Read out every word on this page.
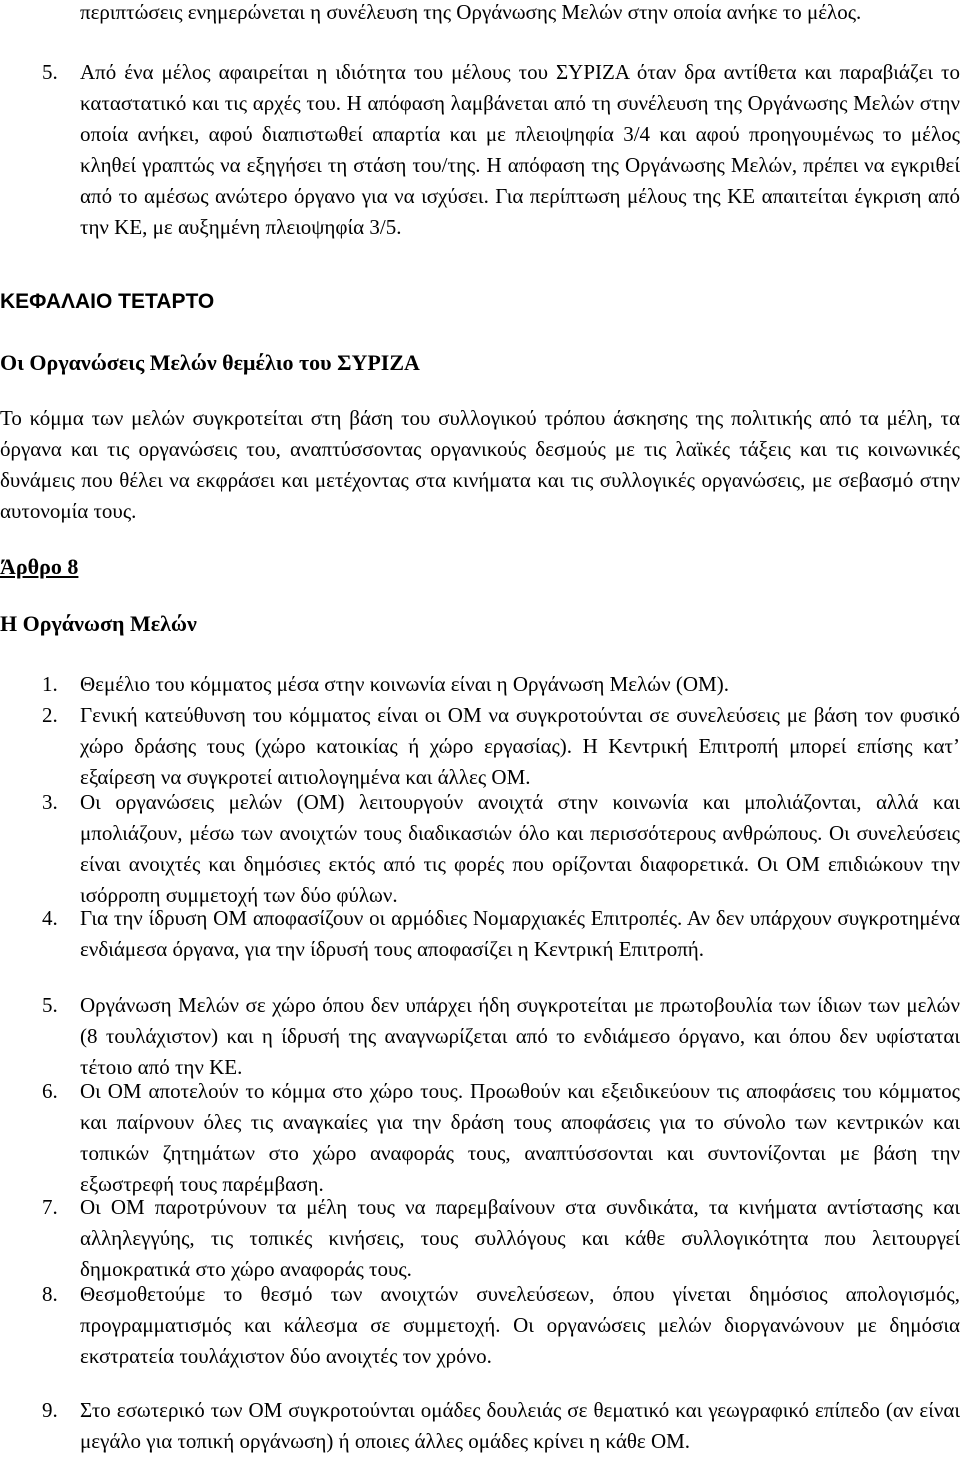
περιπτώσεις ενημερώνεται η συνέλευση της Οργάνωσης Μελών στην οποία ανήκε το μέλος.
5. Από ένα μέλος αφαιρείται η ιδιότητα του μέλους του ΣΥΡΙΖΑ όταν δρα αντίθετα και παραβιάζει το καταστατικό και τις αρχές του. Η απόφαση λαμβάνεται από τη συνέλευση της Οργάνωσης Μελών στην οποία ανήκει, αφού διαπιστωθεί απαρτία και με πλειοψηφία 3/4 και αφού προηγουμένως το μέλος κληθεί γραπτώς να εξηγήσει τη στάση του/της. Η απόφαση της Οργάνωσης Μελών, πρέπει να εγκριθεί από το αμέσως ανώτερο όργανο για να ισχύσει. Για περίπτωση μέλους της ΚΕ απαιτείται έγκριση από την ΚΕ, με αυξημένη πλειοψηφία 3/5.
ΚΕΦΑΛΑΙΟ ΤΕΤΑΡΤΟ
Οι Οργανώσεις Μελών θεμέλιο του ΣΥΡΙΖΑ
Το κόμμα των μελών συγκροτείται στη βάση του συλλογικού τρόπου άσκησης της πολιτικής από τα μέλη, τα όργανα και τις οργανώσεις του, αναπτύσσοντας οργανικούς δεσμούς με τις λαϊκές τάξεις και τις κοινωνικές δυνάμεις που θέλει να εκφράσει και μετέχοντας στα κινήματα και τις συλλογικές οργανώσεις, με σεβασμό στην αυτονομία τους.
Άρθρο 8
Η Οργάνωση Μελών
1. Θεμέλιο του κόμματος μέσα στην κοινωνία είναι η Οργάνωση Μελών (ΟΜ).
2. Γενική κατεύθυνση του κόμματος είναι οι ΟΜ να συγκροτούνται σε συνελεύσεις με βάση τον φυσικό χώρο δράσης τους (χώρο κατοικίας ή χώρο εργασίας). Η Κεντρική Επιτροπή μπορεί επίσης κατ’ εξαίρεση να συγκροτεί αιτιολογημένα και άλλες ΟΜ.
3. Οι οργανώσεις μελών (ΟΜ) λειτουργούν ανοιχτά στην κοινωνία και μπολιάζονται, αλλά και μπολιάζουν, μέσω των ανοιχτών τους διαδικασιών όλο και περισσότερους ανθρώπους. Οι συνελεύσεις είναι ανοιχτές και δημόσιες εκτός από τις φορές που ορίζονται διαφορετικά. Οι ΟΜ επιδιώκουν την ισόρροπη συμμετοχή των δύο φύλων.
4. Για την ίδρυση ΟΜ αποφασίζουν οι αρμόδιες Νομαρχιακές Επιτροπές. Αν δεν υπάρχουν συγκροτημένα ενδιάμεσα όργανα, για την ίδρυσή τους αποφασίζει η Κεντρική Επιτροπή.
5. Οργάνωση Μελών σε χώρο όπου δεν υπάρχει ήδη συγκροτείται με πρωτοβουλία των ίδιων των μελών (8 τουλάχιστον) και η ίδρυσή της αναγνωρίζεται από το ενδιάμεσο όργανο, και όπου δεν υφίσταται τέτοιο από την ΚΕ.
6. Οι ΟΜ αποτελούν το κόμμα στο χώρο τους. Προωθούν και εξειδικεύουν τις αποφάσεις του κόμματος και παίρνουν όλες τις αναγκαίες για την δράση τους αποφάσεις για το σύνολο των κεντρικών και τοπικών ζητημάτων στο χώρο αναφοράς τους, αναπτύσσονται και συντονίζονται με βάση την εξωστρεφή τους παρέμβαση.
7. Οι ΟΜ παροτρύνουν τα μέλη τους να παρεμβαίνουν στα συνδικάτα, τα κινήματα αντίστασης και αλληλεγγύης, τις τοπικές κινήσεις, τους συλλόγους και κάθε συλλογικότητα που λειτουργεί δημοκρατικά στο χώρο αναφοράς τους.
8. Θεσμοθετούμε το θεσμό των ανοιχτών συνελεύσεων, όπου γίνεται δημόσιος απολογισμός, προγραμματισμός και κάλεσμα σε συμμετοχή. Οι οργανώσεις μελών διοργανώνουν με δημόσια εκστρατεία τουλάχιστον δύο ανοιχτές τον χρόνο.
9. Στο εσωτερικό των ΟΜ συγκροτούνται ομάδες δουλειάς σε θεματικό και γεωγραφικό επίπεδο (αν είναι μεγάλο για τοπική οργάνωση) ή οποιες άλλες ομάδες κρίνει η κάθε ΟΜ.
